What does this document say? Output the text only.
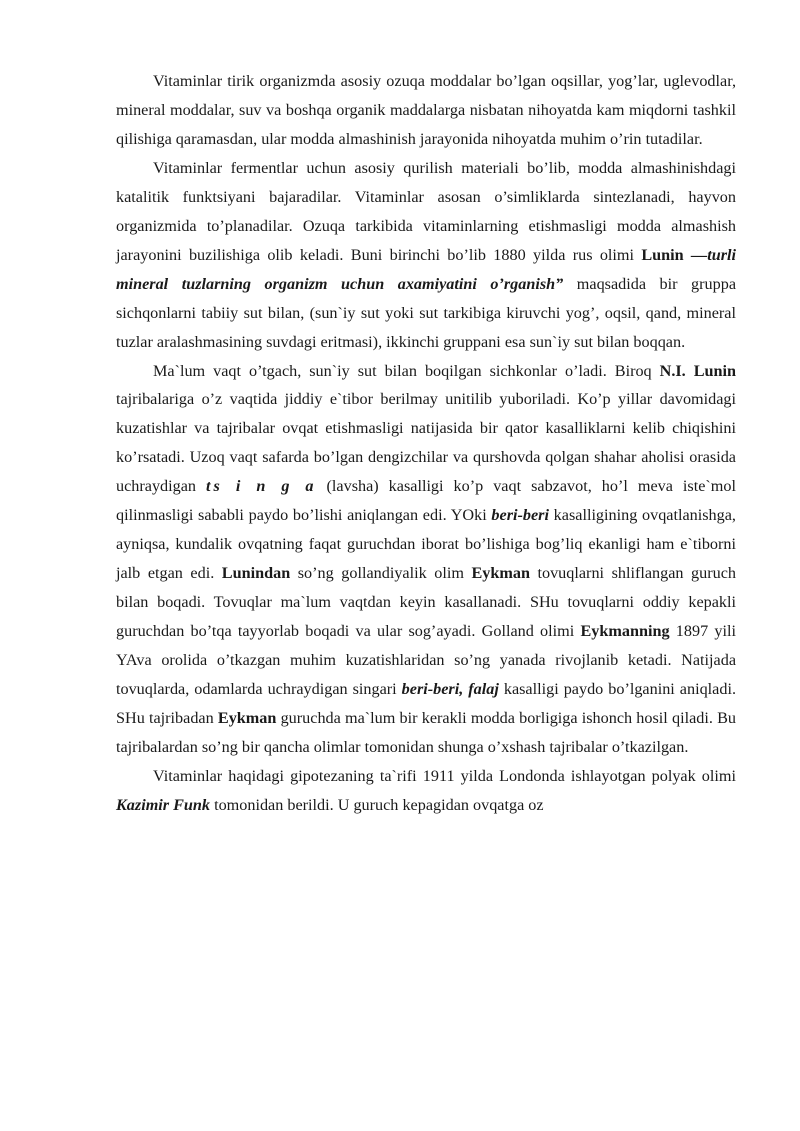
Vitaminlar tirik organizmda asosiy ozuqa moddalar bo’lgan oqsillar, yog’lar, uglevodlar, mineral moddalar, suv va boshqa organik maddalarga nisbatan nihoyatda kam miqdorni tashkil qilishiga qaramasdan, ular modda almashinish jarayonida nihoyatda muhim o’rin tutadilar.

Vitaminlar fermentlar uchun asosiy qurilish materiali bo’lib, modda almashinishdagi katalitik funktsiyani bajaradilar. Vitaminlar asosan o’simliklarda sintezlanadi, hayvon organizmida to’planadilar. Ozuqa tarkibida vitaminlarning etishmasligi modda almashish jarayonini buzilishiga olib keladi. Buni birinchi bo’lib 1880 yilda rus olimi Lunin —turli mineral tuzlarning organizm uchun axamiyatini o’rganish” maqsadida bir gruppa sichqonlarni tabiiy sut bilan, (sun`iy sut yoki sut tarkibiga kiruvchi yog’, oqsil, qand, mineral tuzlar aralashmasining suvdagi eritmasi), ikkinchi gruppani esa sun`iy sut bilan boqqan.

Ma`lum vaqt o’tgach, sun`iy sut bilan boqilgan sichkonlar o’ladi. Biroq N.I. Lunin tajribalariga o’z vaqtida jiddiy e`tibor berilmay unitilib yuboriladi. Ko’p yillar davomidagi kuzatishlar va tajribalar ovqat etishmasligi natijasida bir qator kasalliklarni kelib chiqishini ko’rsatadi. Uzoq vaqt safarda bo’lgan dengizchilar va qurshovda qolgan shahar aholisi orasida uchraydigan ts i n g a (lavsha) kasalligi ko’p vaqt sabzavot, ho’l meva iste`mol qilinmasligi sababli paydo bo’lishi aniqlangan edi. YOki beri-beri kasalligining ovqatlanishga, ayniqsa, kundalik ovqatning faqat guruchdan iborat bo’lishiga bog’liq ekanligi ham e`tiborni jalb etgan edi. Lunindan so’ng gollandiyalik olim Eykman tovuqlarni shliflangan guruch bilan boqadi. Tovuqlar ma`lum vaqtdan keyin kasallanadi. SHu tovuqlarni oddiy kepakli guruchdan bo’tqa tayyorlab boqadi va ular sog’ayadi. Golland olimi Eykmanning 1897 yili YAva orolida o’tkazgan muhim kuzatishlaridan so’ng yanada rivojlanib ketadi. Natijada tovuqlarda, odamlarda uchraydigan singari beri-beri, falaj kasalligi paydo bo’lganini aniqladi. SHu tajribadan Eykman guruchda ma`lum bir kerakli modda borligiga ishonch hosil qiladi. Bu tajribalardan so’ng bir qancha olimlar tomonidan shunga o’xshash tajribalar o’tkazilgan.

Vitaminlar haqidagi gipotezaning ta`rifi 1911 yilda Londonda ishlayotgan polyak olimi Kazimir Funk tomonidan berildi. U guruch kepagidan ovqatga oz
